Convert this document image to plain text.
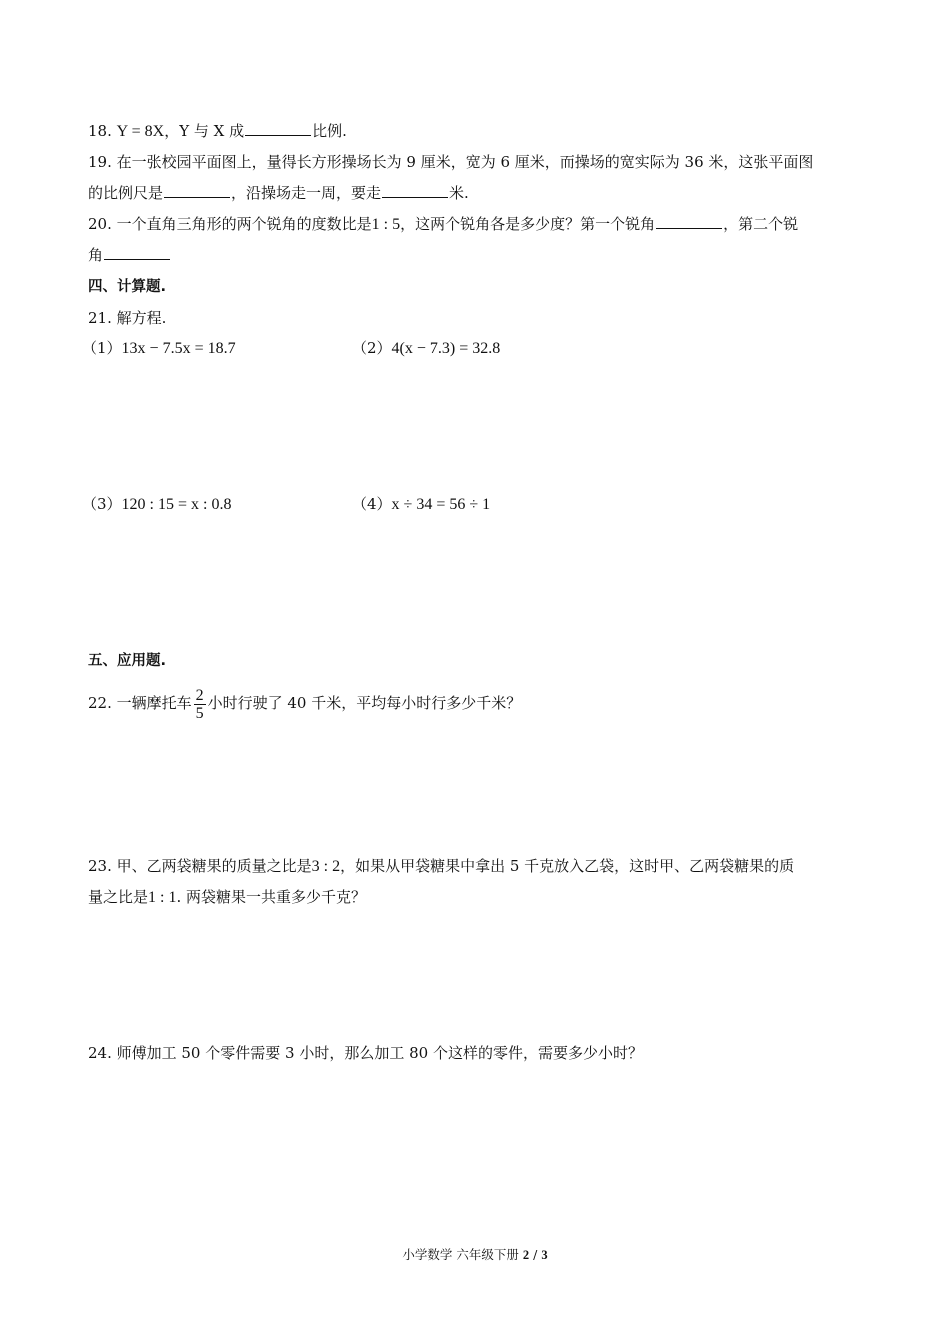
18. Y = 8X，Y 与 X 成	比例.
19. 在一张校园平面图上，量得长方形操场长为 9 厘米，宽为 6 厘米，而操场的宽实际为 36 米，这张平面图
的比例尺是	，沿操场走一周，要走	米.
20. 一个直角三角形的两个锐角的度数比是1 : 5，这两个锐角各是多少度？第一个锐角	，第二个锐
角
四、计算题.
21. 解方程.
（1）13x − 7.5x = 18.7	（2）4(x − 7.3) = 32.8
（3）120 : 15 = x : 0.8	（4）x ÷ 34 = 56 ÷ 1
五、应用题.
22. 一辆摩托车 $\frac{2}{5}$ 小时行驶了 40 千米，平均每小时行多少千米？
23. 甲、乙两袋糖果的质量之比是3 : 2，如果从甲袋糖果中拿出 5 千克放入乙袋，这时甲、乙两袋糖果的质
量之比是1 : 1. 两袋糖果一共重多少千克？
24. 师傅加工 50 个零件需要 3 小时，那么加工 80 个这样的零件，需要多少小时？
小学数学 六年级下册 2 / 3
